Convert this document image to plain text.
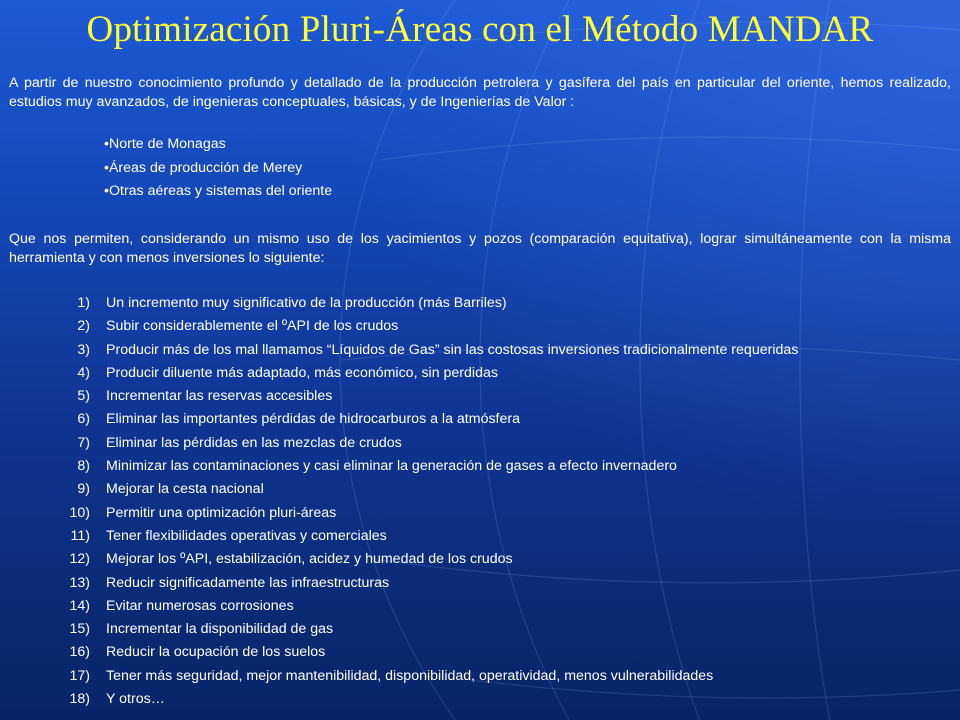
Optimización Pluri-Áreas con el Método MANDAR
A partir de nuestro conocimiento profundo y detallado de la producción petrolera y gasífera del país en particular del oriente, hemos realizado, estudios muy avanzados, de ingenieras conceptuales, básicas, y de Ingenierías de Valor :
•Norte de Monagas
•Áreas de producción de Merey
•Otras aéreas y sistemas del oriente
Que nos permiten, considerando un mismo uso de los yacimientos y pozos (comparación equitativa), lograr simultáneamente con la misma herramienta y con menos inversiones lo siguiente:
1) Un incremento muy significativo de la producción (más Barriles)
2) Subir considerablemente el ºAPI de los crudos
3) Producir más de los mal llamamos “Líquidos de Gas” sin las costosas inversiones tradicionalmente requeridas
4) Producir diluente más adaptado, más económico, sin perdidas
5) Incrementar las reservas accesibles
6) Eliminar las importantes pérdidas de hidrocarburos a la atmósfera
7) Eliminar las pérdidas en las mezclas de crudos
8) Minimizar las contaminaciones y casi eliminar la generación de gases a efecto invernadero
9) Mejorar la cesta nacional
10) Permitir una optimización pluri-áreas
11) Tener flexibilidades operativas y comerciales
12) Mejorar los ºAPI, estabilización, acidez y humedad de los crudos
13) Reducir significadamente las infraestructuras
14) Evitar numerosas corrosiones
15) Incrementar la disponibilidad de gas
16) Reducir la ocupación de los suelos
17) Tener más seguridad, mejor mantenibilidad, disponibilidad, operatividad, menos vulnerabilidades
18) Y otros…
